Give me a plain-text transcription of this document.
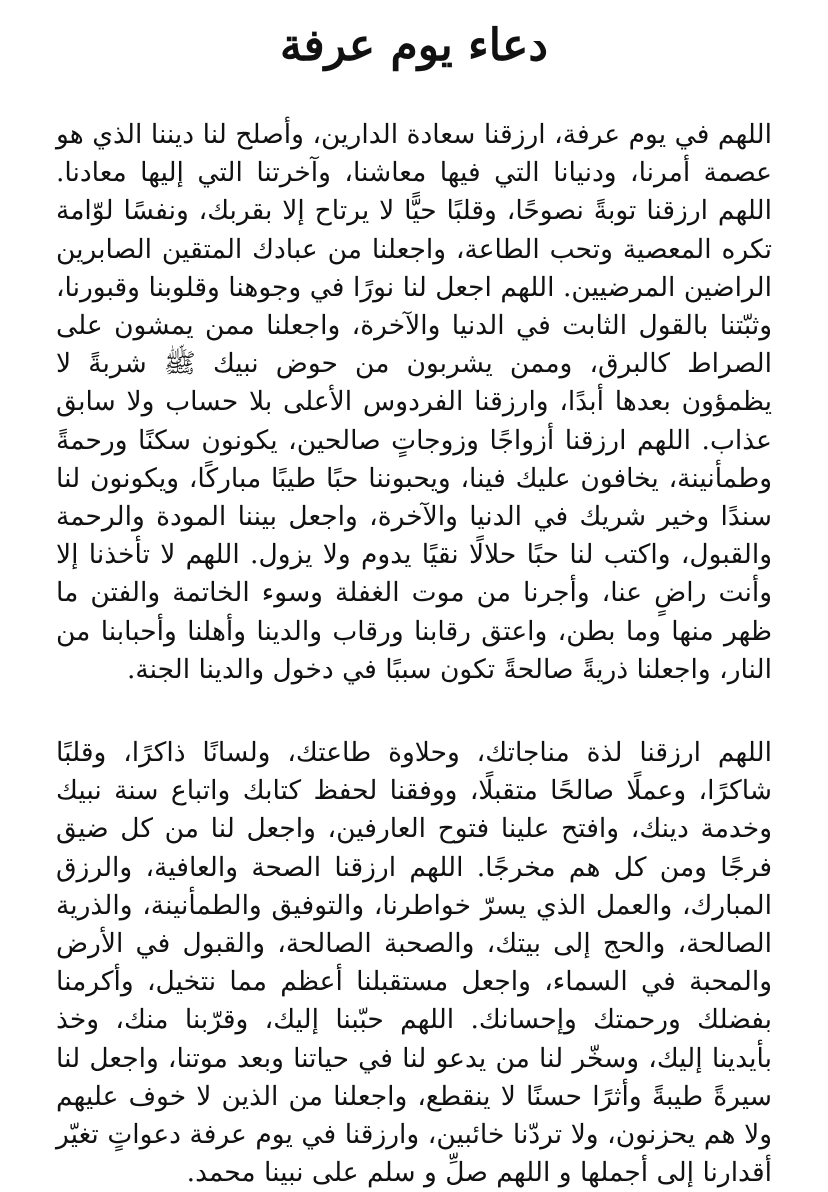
دعاء يوم عرفة

اللهم في يوم عرفة، ارزقنا سعادة الدارين، وأصلح لنا ديننا الذي هو عصمة أمرنا، ودنيانا التي فيها معاشنا، وآخرتنا التي إليها معادنا. اللهم ارزقنا توبةً نصوحًا، وقلبًا حيًّا لا يرتاح إلا بقربك، ونفسًا لوّامة تكره المعصية وتحب الطاعة، واجعلنا من عبادك المتقين الصابرين الراضين المرضيين. اللهم اجعل لنا نورًا في وجوهنا وقلوبنا وقبورنا، وثبّتنا بالقول الثابت في الدنيا والآخرة، واجعلنا ممن يمشون على الصراط كالبرق، وممن يشربون من حوض نبيك ﷺ شربةً لا يظمؤون بعدها أبدًا، وارزقنا الفردوس الأعلى بلا حساب ولا سابق عذاب. اللهم ارزقنا أزواجًا وزوجاتٍ صالحين، يكونون سكنًا ورحمةً وطمأنينة، يخافون عليك فينا، ويحبوننا حبًا طيبًا مباركًا، ويكونون لنا سندًا وخير شريك في الدنيا والآخرة، واجعل بيننا المودة والرحمة والقبول، واكتب لنا حبًا حلالًا نقيًا يدوم ولا يزول. اللهم لا تأخذنا إلا وأنت راضٍ عنا، وأجرنا من موت الغفلة وسوء الخاتمة والفتن ما ظهر منها وما بطن، واعتق رقابنا ورقاب والدينا وأهلنا وأحبابنا من النار، واجعلنا ذريةً صالحةً تكون سببًا في دخول والدينا الجنة.

اللهم ارزقنا لذة مناجاتك، وحلاوة طاعتك، ولسانًا ذاكرًا، وقلبًا شاكرًا، وعملًا صالحًا متقبلًا، ووفقنا لحفظ كتابك واتباع سنة نبيك وخدمة دينك، وافتح علينا فتوح العارفين، واجعل لنا من كل ضيق فرجًا ومن كل هم مخرجًا. اللهم ارزقنا الصحة والعافية، والرزق المبارك، والعمل الذي يسرّ خواطرنا، والتوفيق والطمأنينة، والذرية الصالحة، والحج إلى بيتك، والصحبة الصالحة، والقبول في الأرض والمحبة في السماء، واجعل مستقبلنا أعظم مما نتخيل، وأكرمنا بفضلك ورحمتك وإحسانك. اللهم حبّبنا إليك، وقرّبنا منك، وخذ بأيدينا إليك، وسخّر لنا من يدعو لنا في حياتنا وبعد موتنا، واجعل لنا سيرةً طيبةً وأثرًا حسنًا لا ينقطع، واجعلنا من الذين لا خوف عليهم ولا هم يحزنون، ولا تردّنا خائبين، وارزقنا في يوم عرفة دعواتٍ تغيّر أقدارنا إلى أجملها و اللهم صلِّ و سلم على نبينا محمد.
